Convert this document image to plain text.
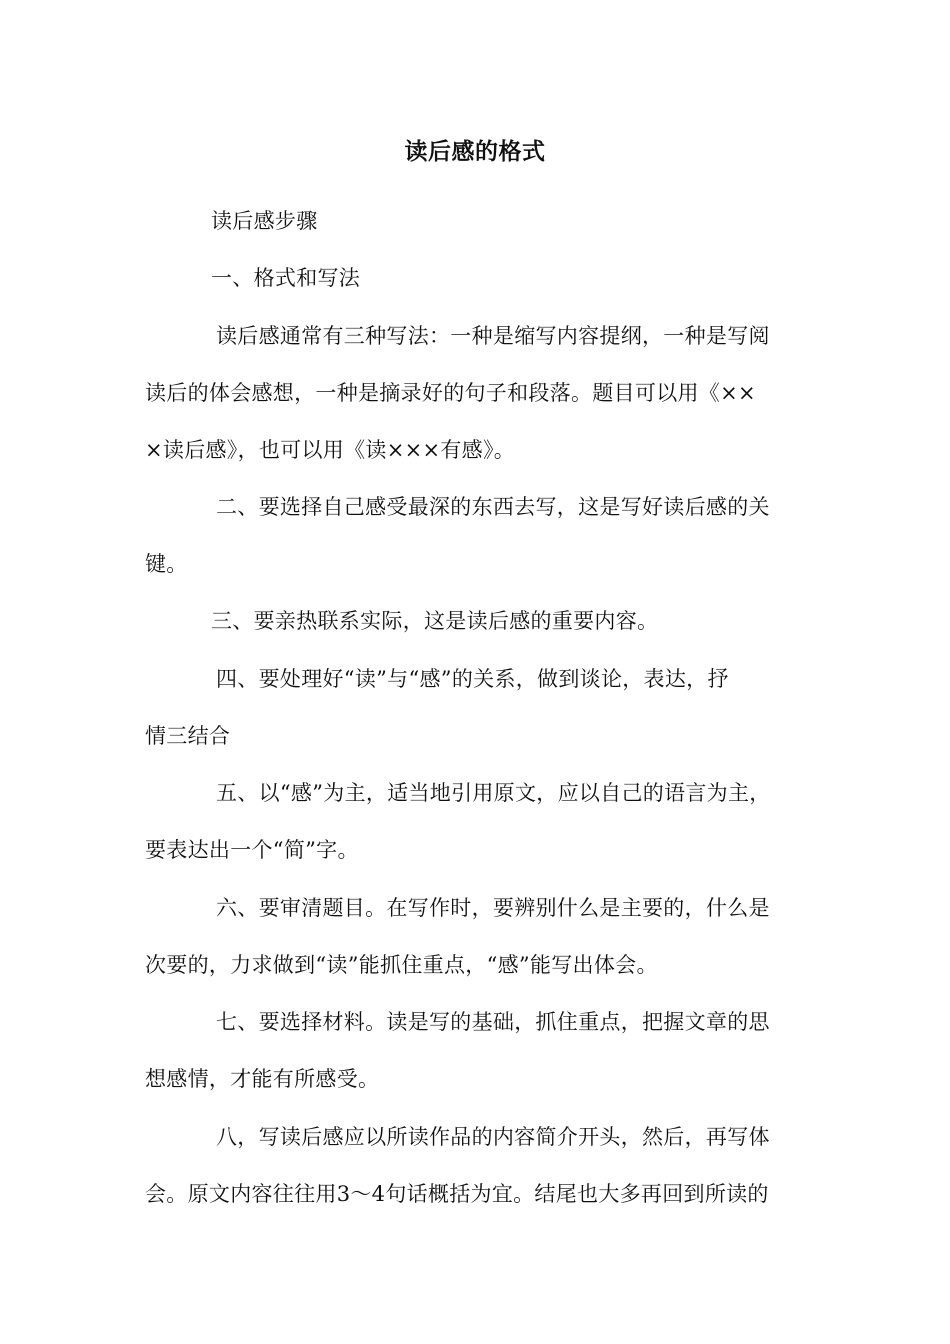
读后感的格式
读后感步骤
一、格式和写法
读后感通常有三种写法：一种是缩写内容提纲，一种是写阅
读后的体会感想，一种是摘录好的句子和段落。题目可以用《××
×读后感》，也可以用《读×××有感》。
二、要选择自己感受最深的东西去写，这是写好读后感的关
键。
三、要亲热联系实际，这是读后感的重要内容。
四、要处理好“读”与“感”的关系，做到谈论，表达，抒
情三结合
五、以“感”为主，适当地引用原文，应以自己的语言为主，
要表达出一个“简”字。
六、要审清题目。在写作时，要辨别什么是主要的，什么是
次要的，力求做到“读”能抓住重点，“感”能写出体会。
七、要选择材料。读是写的基础，抓住重点，把握文章的思
想感情，才能有所感受。
八，写读后感应以所读作品的内容简介开头，然后，再写体
会。原文内容往往用3～4句话概括为宜。结尾也大多再回到所读的
